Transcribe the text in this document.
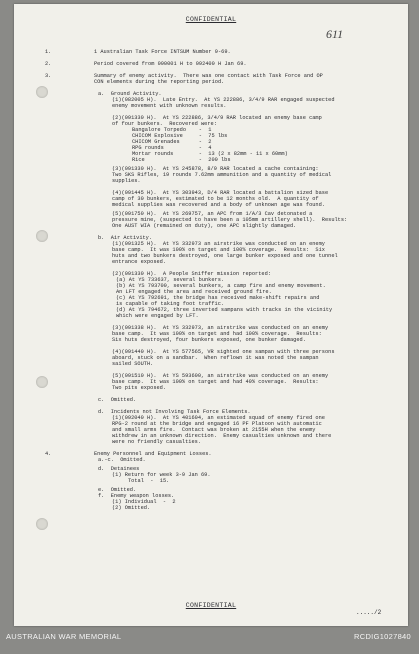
611
CONFIDENTIAL
1.	1 Australian Task Force INTSUM Number 9-69.
2.	Period covered from 090001 H to 092400 H Jan 69.
3.	Summary of enemy activity.  There was one contact with Task Force and OP
CON elements during the reporting period.
a.  Ground Activity.
(1)(082005 H).  Late Entry.  At YS 222886, 3/4/9 RAR engaged suspected
enemy movement with unknown results.
(2)(091330 H).  At YS 222886, 3/4/9 RAR located an enemy base camp
of four bunkers.  Recovered were:
Bangalore Torpedo    -  1
CHICOM Explosive     -  75 lbs
CHICOM Grenades      -  2
RPG rounds           -  4
Mortar rounds        -  13 (2 x 82mm - 11 x 60mm)
Rice                 -  200 lbs
(3)(091330 H).  At YS 245878, 8/9 RAR located a cache containing:
Two SKS Rifles, 19 rounds 7.62mm ammunition and a quantity of medical
supplies.
(4)(091445 H).  At YS 303943, D/4 RAR located a battalion sized base
camp of 30 bunkers, estimated to be 12 months old.  A quantity of
medical supplies was recovered and a body of unknown age was found.
(5)(091750 H).  At YS 269757, an APC from 1/A/3 Cav detonated a
pressure mine, (suspected to have been a 105mm artillery shell).  Results:
One AUST WIA (remained on duty), one APC slightly damaged.
b.  Air Activity.
(1)(091325 H).  At YS 332973 an airstrike was conducted on an enemy
base camp.  It was 100% on target and 100% coverage.  Results:  Six
huts and two bunkers destroyed, one large bunker exposed and one tunnel
entrance exposed.
(2)(091330 H).  A People Sniffer mission reported:
(a) At YS 733637, several bunkers.
(b) At YS 793700, several bunkers, a camp fire and enemy movement.
An LFT engaged the area and received ground fire.
(c) At YS 792691, the bridge has received make-shift repairs and
is capable of taking foot traffic.
(d) At YS 794672, three inverted sampans with tracks in the vicinity
which were engaged by LFT.
(3)(091338 H).  At YS 332973, an airstrike was conducted on an enemy
base camp.  It was 100% on target and had 100% coverage.  Results:
Six huts destroyed, four bunkers exposed, one bunker damaged.
(4)(091440 H).  At YS 577565, VR sighted one sampan with three persons
aboard, stuck on a sandbar.  When reflown it was noted the sampan
sailed SOUTH.
(5)(091510 H).  At YS 593600, an airstrike was conducted on an enemy
base camp.  It was 100% on target and had 40% coverage.  Results:
Two pits exposed.
c.  Omitted.
d.  Incidents not Involving Task Force Elements.
(1)(092040 H).  At YS 401604, an estimated squad of enemy fired one
RPG-2 round at the bridge and engaged 16 PF Platoon with automatic
and small arms fire.  Contact was broken at 2155H when the enemy
withdrew in an unknown direction.  Enemy casualties unknown and there
were no friendly casualties.
4.	Enemy Personnel and Equipment Losses.
a.-c.  Omitted.
d.  Detainees
(1) Return for week 3-9 Jan 69.
Total  -  15.
e.  Omitted.
f.  Enemy weapon losses.
(1) Individual  -  2
(2) Omitted.
CONFIDENTIAL
...../2
AUSTRALIAN WAR MEMORIAL	RCDIG1027840
